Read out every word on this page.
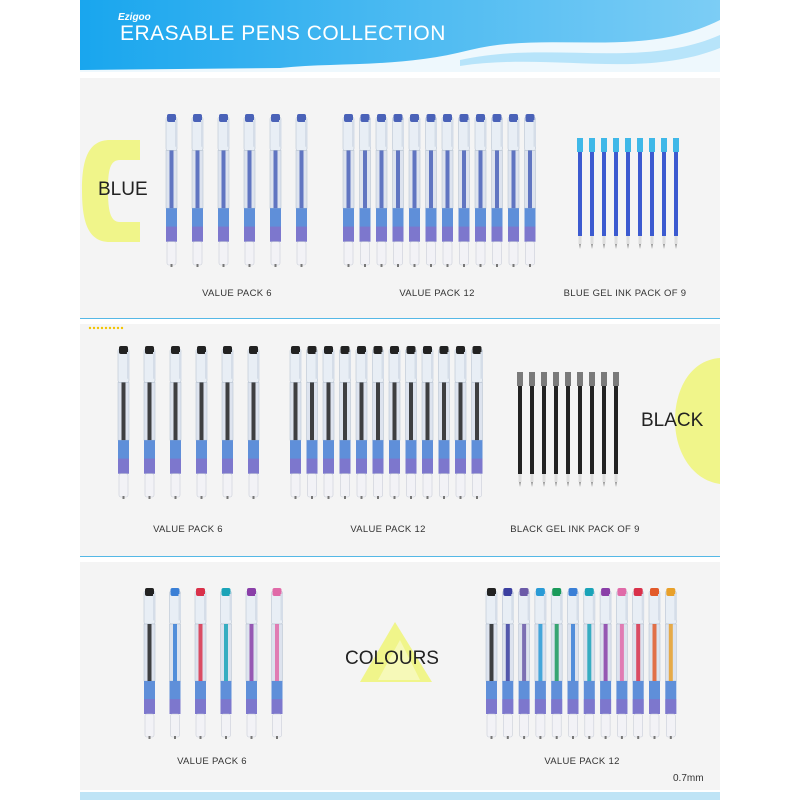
Ezigoo
ERASABLE PENS COLLECTION
BLUE
BLACK
COLOURS
VALUE PACK 6	VALUE PACK 12	BLUE GEL INK PACK OF 9
VALUE PACK 6	VALUE PACK 12	BLACK GEL INK PACK OF 9
VALUE PACK 6	VALUE PACK 12
0.7mm
